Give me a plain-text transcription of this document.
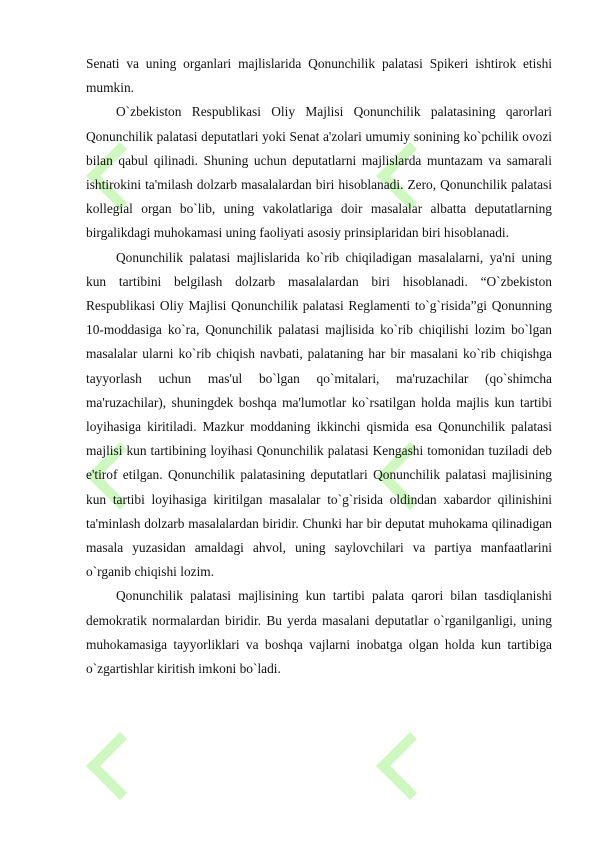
Senati va uning organlari majlislarida Qonunchilik palatasi Spikeri ishtirok etishi mumkin.

O`zbekiston Respublikasi Oliy Majlisi Qonunchilik palatasining qarorlari Qonunchilik palatasi deputatlari yoki Senat a'zolari umumiy sonining ko`pchilik ovozi bilan qabul qilinadi. Shuning uchun deputatlarni majlislarda muntazam va samarali ishtirokini ta'milash dolzarb masalalardan biri hisoblanadi. Zero, Qonunchilik palatasi kollegial organ bo`lib, uning vakolatlariga doir masalalar albatta deputatlarning birgalikdagi muhokamasi uning faoliyati asosiy prinsiplaridan biri hisoblanadi.

Qonunchilik palatasi majlislarida ko`rib chiqiladigan masalalarni, ya'ni uning kun tartibini belgilash dolzarb masalalardan biri hisoblanadi. “O`zbekiston Respublikasi Oliy Majlisi Qonunchilik palatasi Reglamenti to`g`risida”gi Qonunning 10-moddasiga ko`ra, Qonunchilik palatasi majlisida ko`rib chiqilishi lozim bo`lgan masalalar ularni ko`rib chiqish navbati, palataning har bir masalani ko`rib chiqishga tayyorlash uchun mas'ul bo`lgan qo`mitalari, ma'ruzachilar (qo`shimcha ma'ruzachilar), shuningdek boshqa ma'lumotlar ko`rsatilgan holda majlis kun tartibi loyihasiga kiritiladi. Mazkur moddaning ikkinchi qismida esa Qonunchilik palatasi majlisi kun tartibining loyihasi Qonunchilik palatasi Kengashi tomonidan tuziladi deb e'tirof etilgan. Qonunchilik palatasining deputatlari Qonunchilik palatasi majlisining kun tartibi loyihasiga kiritilgan masalalar to`g`risida oldindan xabardor qilinishini ta'minlash dolzarb masalalardan biridir. Chunki har bir deputat muhokama qilinadigan masala yuzasidan amaldagi ahvol, uning saylovchilari va partiya manfaatlarini o`rganib chiqishi lozim.

Qonunchilik palatasi majlisining kun tartibi palata qarori bilan tasdiqlanishi demokratik normalardan biridir. Bu yerda masalani deputatlar o`rganilganligi, uning muhokamasiga tayyorliklari va boshqa vajlarni inobatga olgan holda kun tartibiga o`zgartishlar kiritish imkoni bo`ladi.
